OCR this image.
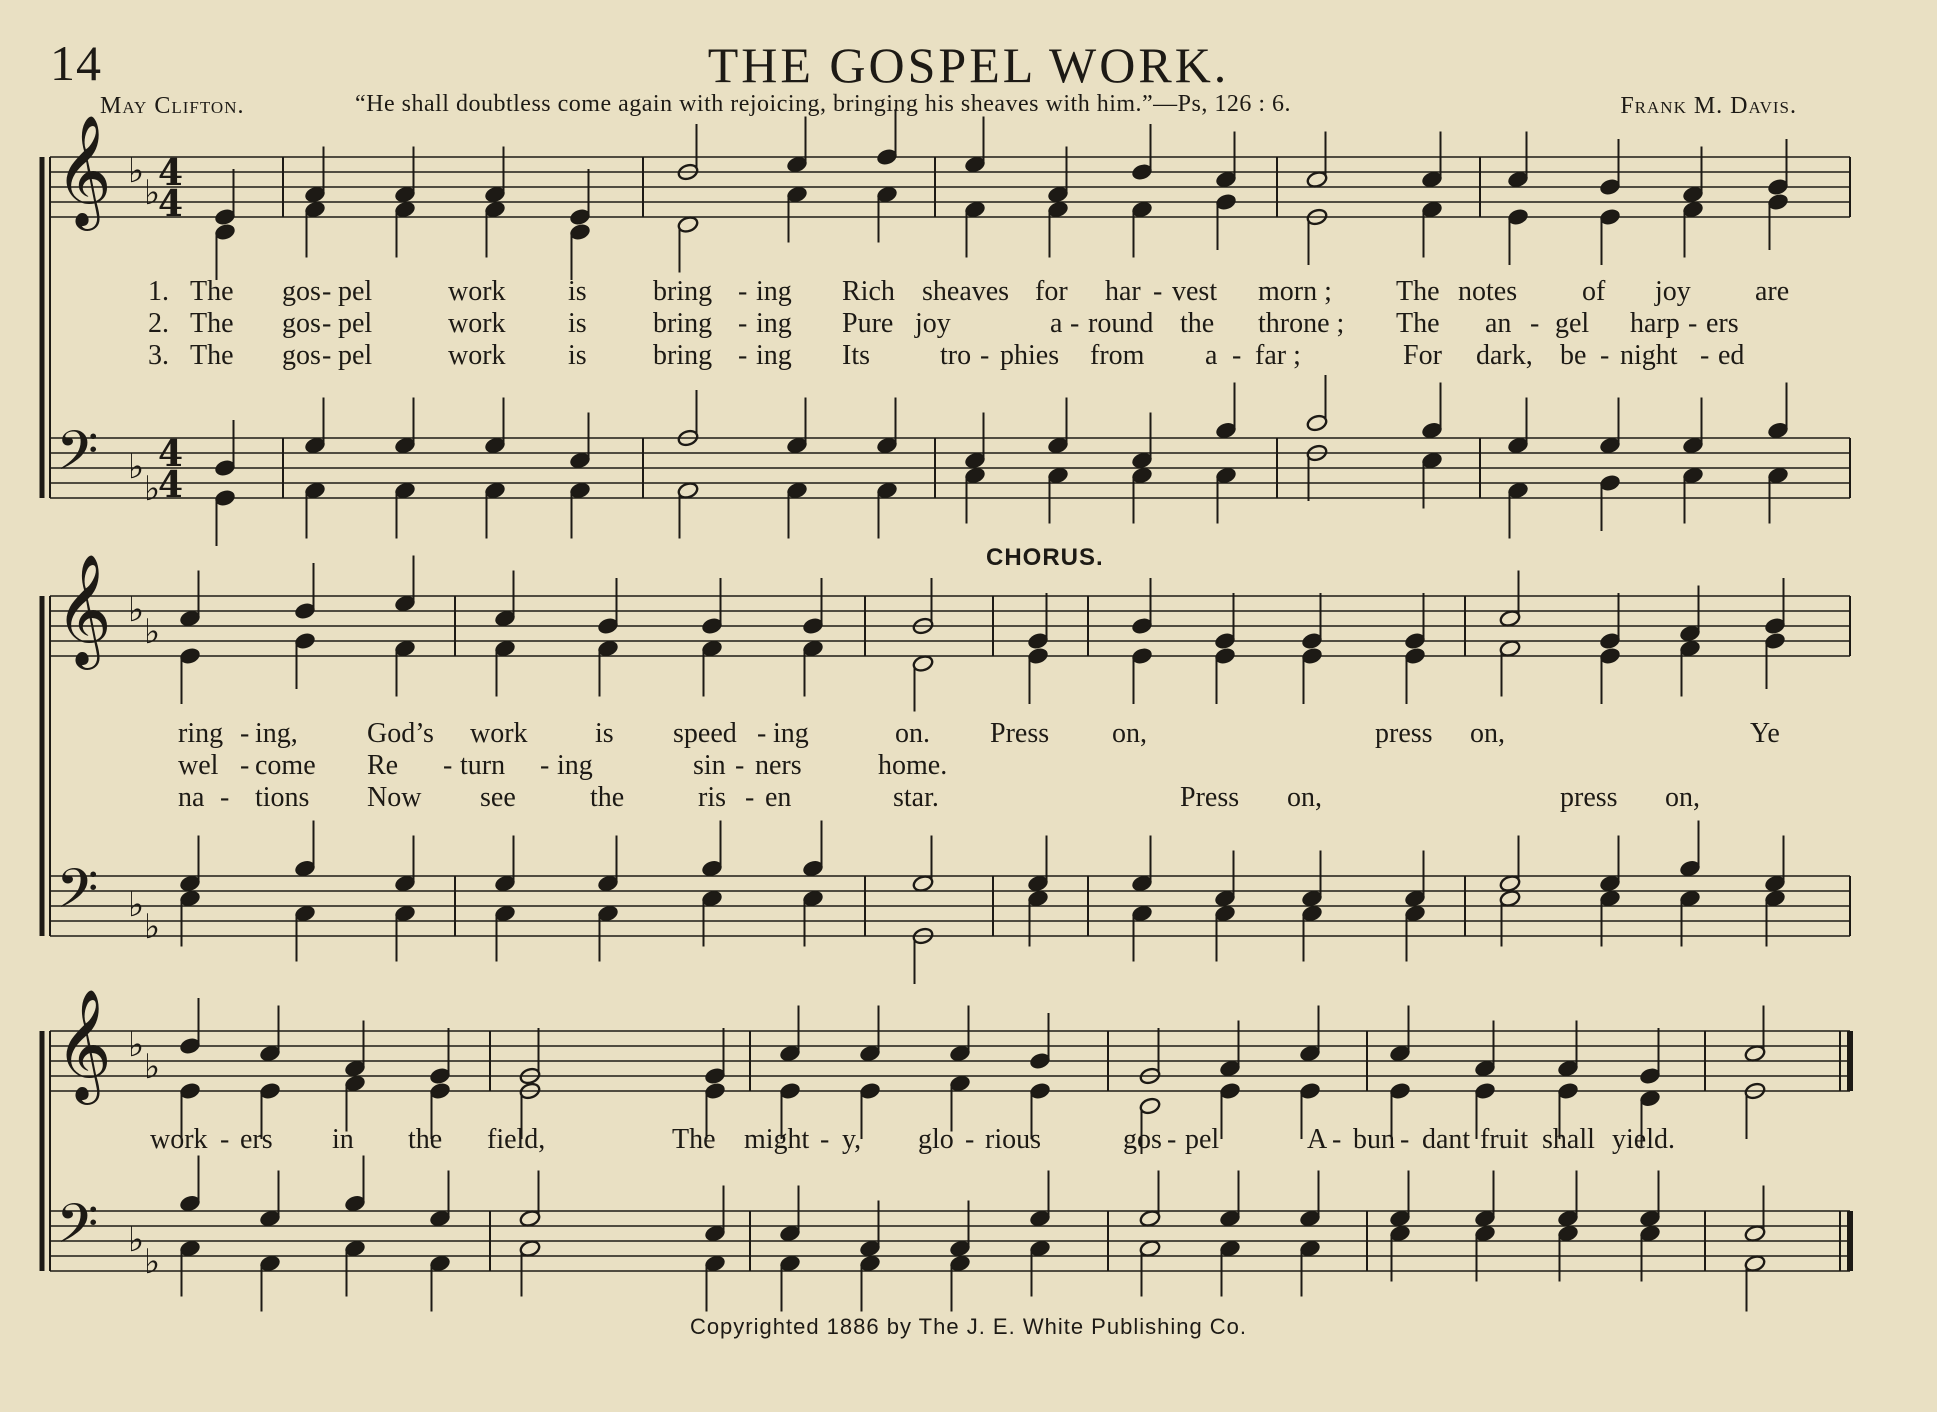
14	THE GOSPEL WORK.
May Clifton.	“He shall doubtless come again with rejoicing, bringing his sheaves with him.”—Ps, 126 : 6.	Frank M. Davis.
CHORUS.
Copyrighted 1886 by The J. E. White Publishing Co.
𝄞
𝄢
♭
♭
♭
♭
4
4
4
4
𝄞
𝄢
♭
♭
♭
♭
𝄞
𝄢
♭
♭
♭
♭
1. The gos - pel	work is bring - ing Rich sheaves for har - vest morn ; The notes of joy are
2. The gos - pel	work is bring - ing Pure joy	a - round the throne ; The an - gel harp - ers
3. The gos - pel	work is bring - ing Its	tro - phies from a - far ;	For dark, be - night - ed
ring - ing, God’s work is speed - ing	on. Press on,	press on,	Ye
wel - come Re - turn - ing	sin - ners	home.
na - tions Now see	the	ris - en	star.	Press on,	press on,
work - ers in the field,	The might - y, glo - rious	gos - pel	A - bun - dant fruit shall yield.
